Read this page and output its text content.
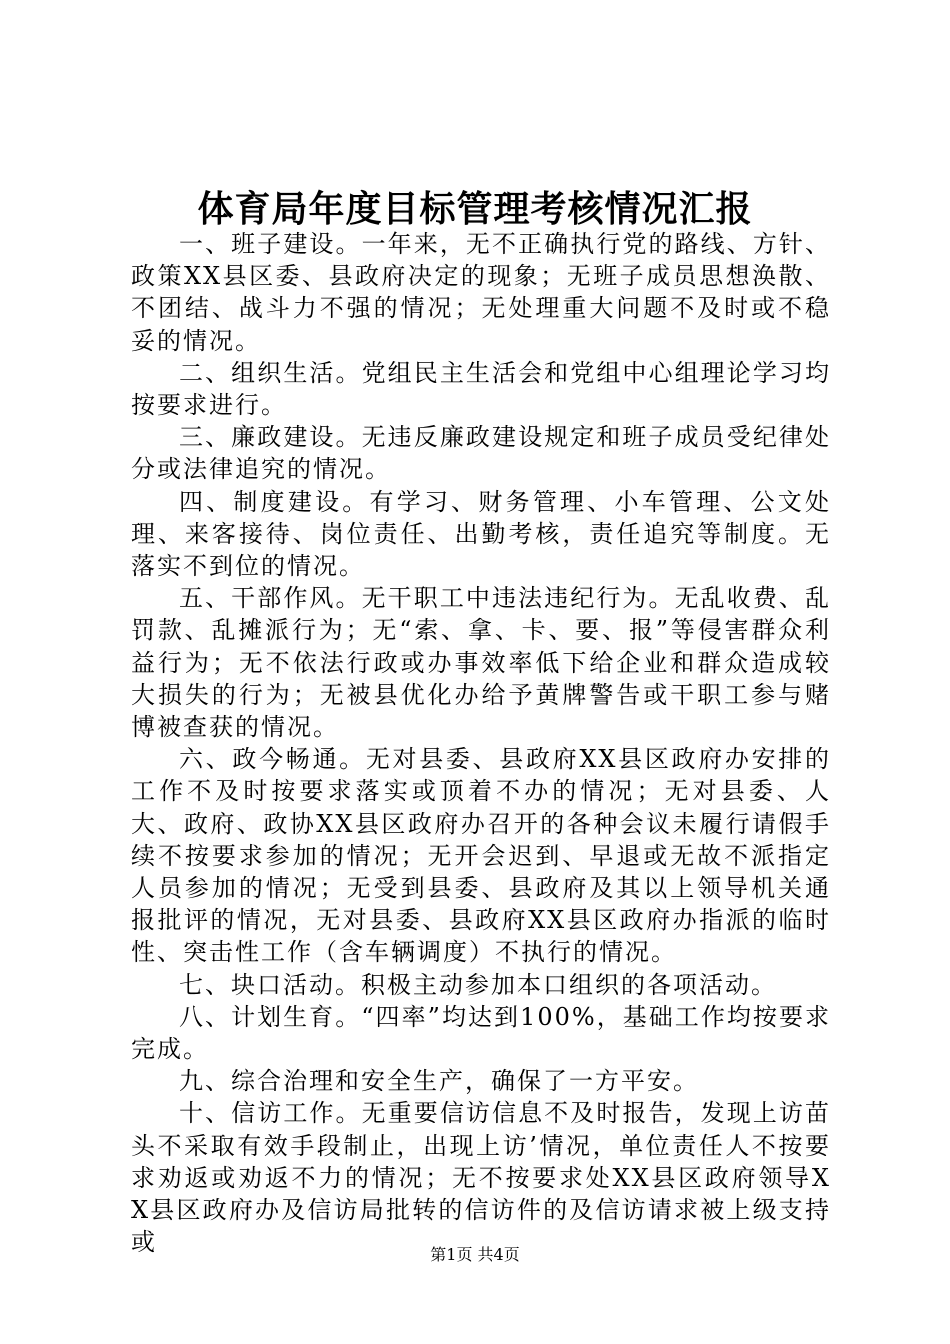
体育局年度目标管理考核情况汇报

一、班子建设。一年来，无不正确执行党的路线、方针、政策XX县区委、县政府决定的现象；无班子成员思想涣散、不团结、战斗力不强的情况；无处理重大问题不及时或不稳妥的情况。

二、组织生活。党组民主生活会和党组中心组理论学习均按要求进行。

三、廉政建设。无违反廉政建设规定和班子成员受纪律处分或法律追究的情况。

四、制度建设。有学习、财务管理、小车管理、公文处理、来客接待、岗位责任、出勤考核，责任追究等制度。无落实不到位的情况。

五、干部作风。无干职工中违法违纪行为。无乱收费、乱罚款、乱摊派行为；无“索、拿、卡、要、报”等侵害群众利益行为；无不依法行政或办事效率低下给企业和群众造成较大损失的行为；无被县优化办给予黄牌警告或干职工参与赌博被查获的情况。

六、政今畅通。无对县委、县政府XX县区政府办安排的工作不及时按要求落实或顶着不办的情况；无对县委、人大、政府、政协XX县区政府办召开的各种会议未履行请假手续不按要求参加的情况；无开会迟到、早退或无故不派指定人员参加的情况；无受到县委、县政府及其以上领导机关通报批评的情况，无对县委、县政府XX县区政府办指派的临时性、突击性工作（含车辆调度）不执行的情况。

七、块口活动。积极主动参加本口组织的各项活动。

八、计划生育。“四率”均达到100%，基础工作均按要求完成。

九、综合治理和安全生产，确保了一方平安。

十、信访工作。无重要信访信息不及时报告，发现上访苗头不采取有效手段制止，出现上访’情况，单位责任人不按要求劝返或劝返不力的情况；无不按要求处XX县区政府领导XX县区政府办及信访局批转的信访件的及信访请求被上级支持或	第1页 共4页
